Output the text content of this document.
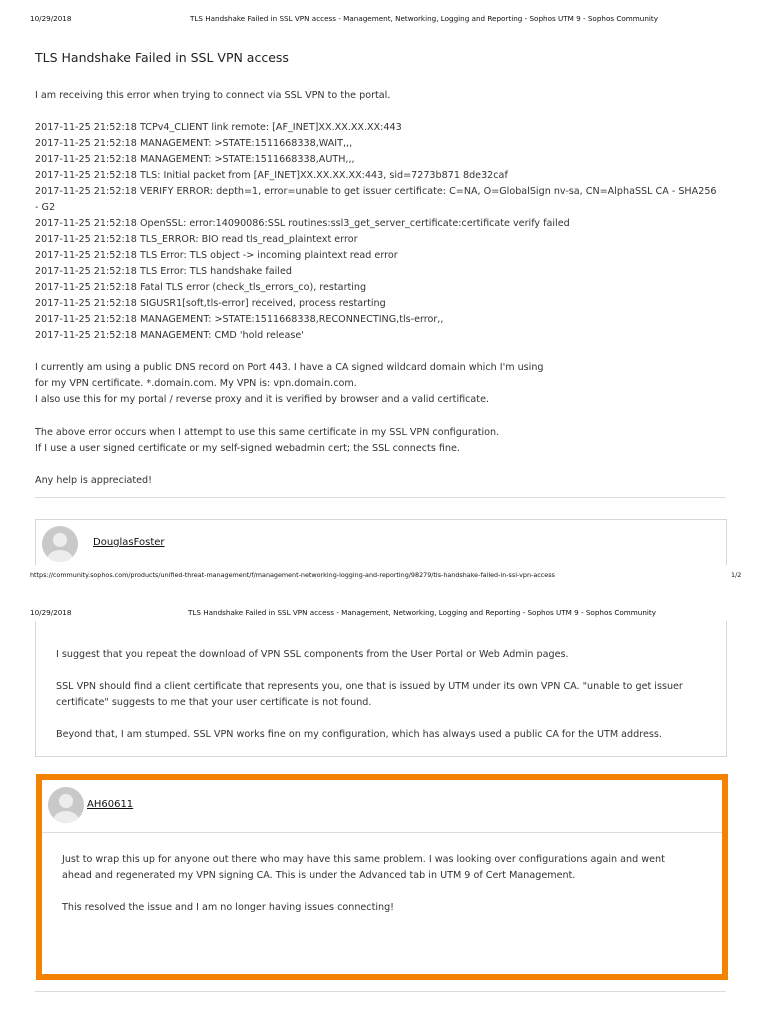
10/29/2018	TLS Handshake Failed in SSL VPN access - Management, Networking, Logging and Reporting - Sophos UTM 9 - Sophos Community
TLS Handshake Failed in SSL VPN access
I am receiving this error when trying to connect via SSL VPN to the portal.
2017-11-25 21:52:18 TCPv4_CLIENT link remote: [AF_INET]XX.XX.XX.XX:443
2017-11-25 21:52:18 MANAGEMENT: >STATE:1511668338,WAIT,,,
2017-11-25 21:52:18 MANAGEMENT: >STATE:1511668338,AUTH,,,
2017-11-25 21:52:18 TLS: Initial packet from [AF_INET]XX.XX.XX.XX:443, sid=7273b871 8de32caf
2017-11-25 21:52:18 VERIFY ERROR: depth=1, error=unable to get issuer certificate: C=NA, O=GlobalSign nv-sa, CN=AlphaSSL CA - SHA256
- G2
2017-11-25 21:52:18 OpenSSL: error:14090086:SSL routines:ssl3_get_server_certificate:certificate verify failed
2017-11-25 21:52:18 TLS_ERROR: BIO read tls_read_plaintext error
2017-11-25 21:52:18 TLS Error: TLS object -> incoming plaintext read error
2017-11-25 21:52:18 TLS Error: TLS handshake failed
2017-11-25 21:52:18 Fatal TLS error (check_tls_errors_co), restarting
2017-11-25 21:52:18 SIGUSR1[soft,tls-error] received, process restarting
2017-11-25 21:52:18 MANAGEMENT: >STATE:1511668338,RECONNECTING,tls-error,,
2017-11-25 21:52:18 MANAGEMENT: CMD 'hold release'
I currently am using a public DNS record on Port 443. I have a CA signed wildcard domain which I'm using
for my VPN certificate. *.domain.com. My VPN is: vpn.domain.com.
I also use this for my portal / reverse proxy and it is verified by browser and a valid certificate.
The above error occurs when I attempt to use this same certificate in my SSL VPN configuration.
If I use a user signed certificate or my self-signed webadmin cert; the SSL connects fine.
Any help is appreciated!
DouglasFoster
https://community.sophos.com/products/unified-threat-management/f/management-networking-logging-and-reporting/98279/tls-handshake-failed-in-ssl-vpn-access	1/2
10/29/2018	TLS Handshake Failed in SSL VPN access - Management, Networking, Logging and Reporting - Sophos UTM 9 - Sophos Community
I suggest that you repeat the download of VPN SSL components from the User Portal or Web Admin pages.
SSL VPN should find a client certificate that represents you, one that is issued by UTM under its own VPN CA. "unable to get issuer
certificate" suggests to me that your user certificate is not found.
Beyond that, I am stumped. SSL VPN works fine on my configuration, which has always used a public CA for the UTM address.
AH60611
Just to wrap this up for anyone out there who may have this same problem. I was looking over configurations again and went
ahead and regenerated my VPN signing CA. This is under the Advanced tab in UTM 9 of Cert Management.
This resolved the issue and I am no longer having issues connecting!
